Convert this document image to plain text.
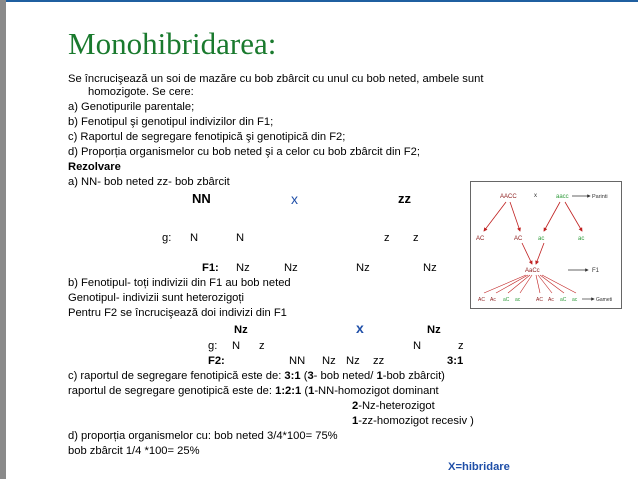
Monohibridarea:
Se încrucişează un soi de mazăre cu bob zbârcit cu unul cu bob neted, ambele sunt
homozigote. Se cere:
a) Genotipurile parentale;
b) Fenotipul şi genotipul indivizilor din F1;
c) Raportul de segregare fenotipică şi genotipică din F2;
d) Proporția organismelor cu bob neted şi a celor cu bob zbârcit din F2;
Rezolvare
a) NN- bob neted zz- bob zbârcit
NN	x	zz
g: N	N	z z
F1: Nz	Nz	Nz	Nz
b) Fenotipul- toți indivizii din F1 au bob neted
Genotipul- indivizii sunt heterozigoți
Pentru F2 se încrucişează doi indivizi din F1
Nz	x	Nz
g: N z	N	z
F2:	NN Nz Nz zz	3:1
c) raportul de segregare fenotipică este de: 3:1 (3- bob neted/ 1-bob zbârcit)
raportul de segregare genotipică este de: 1:2:1 (1-NN-homozigot dominant
2-Nz-heterozigot
1-zz-homozigot recesiv )
d) proporția organismelor cu: bob neted 3/4*100= 75%
bob zbârcit 1/4 *100= 25%
X=hibridare
AACC	x	aacc	Parinti
AC	AC	ac	ac
AaCc	F1
AC Ac aC ac	AC Ac aC ac	Gameti
